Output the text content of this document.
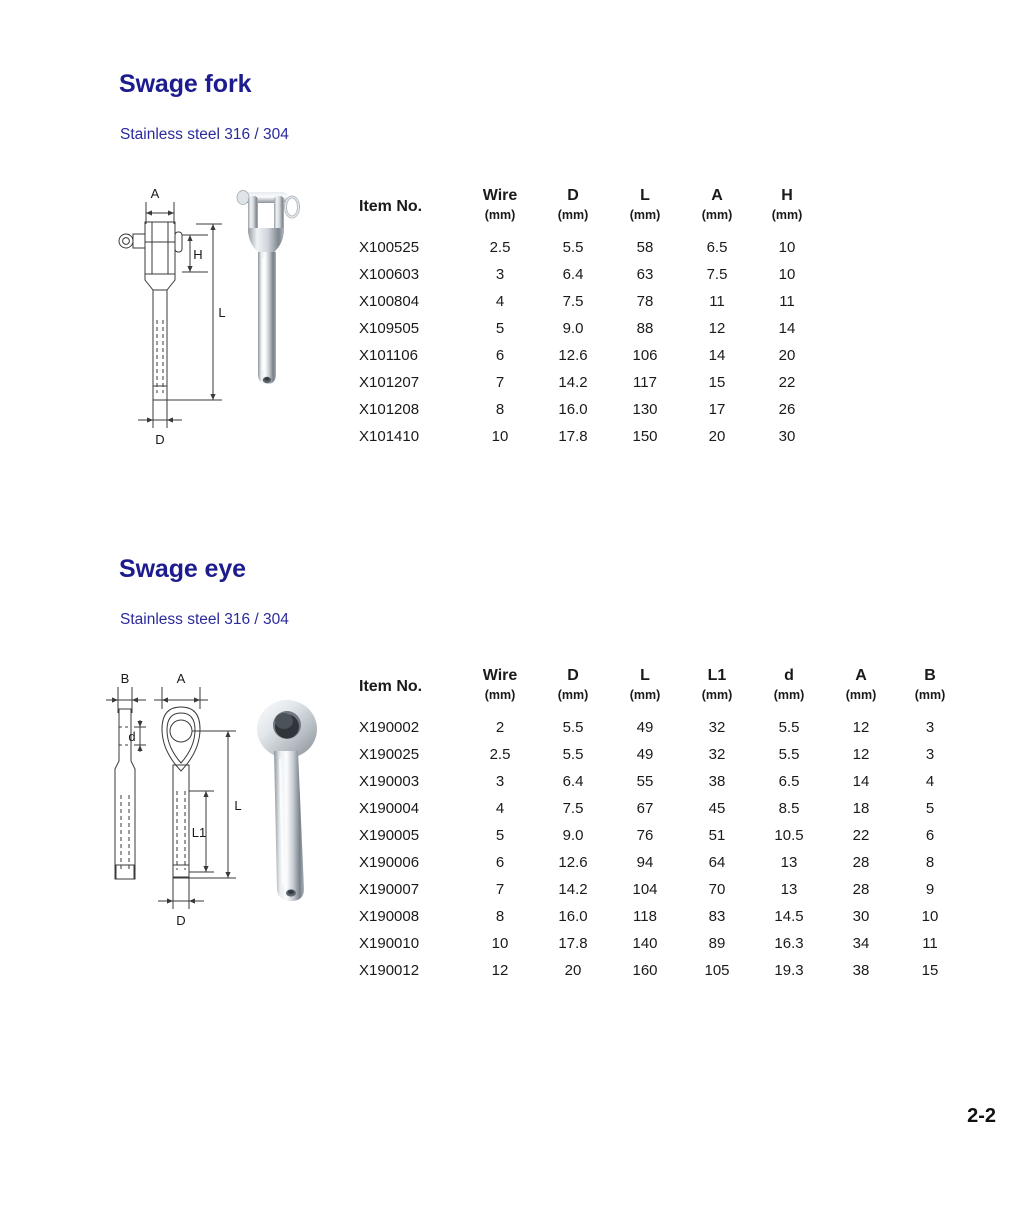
Swage fork
Stainless steel 316 / 304
A
H
L
D
Item No.	Wire	D	L	A	H
	(mm)	(mm)	(mm)	(mm)	(mm)
X100525	2.5	5.5	58	6.5	10
X100603	3	6.4	63	7.5	10
X100804	4	7.5	78	11	11
X109505	5	9.0	88	12	14
X101106	6	12.6	106	14	20
X101207	7	14.2	117	15	22
X101208	8	16.0	130	17	26
X101410	10	17.8	150	20	30
Swage eye
Stainless steel 316 / 304
B
d
A
L
L1
D
Item No.	Wire	D	L	L1	d	A	B
	(mm)	(mm)	(mm)	(mm)	(mm)	(mm)	(mm)
X190002	2	5.5	49	32	5.5	12	3
X190025	2.5	5.5	49	32	5.5	12	3
X190003	3	6.4	55	38	6.5	14	4
X190004	4	7.5	67	45	8.5	18	5
X190005	5	9.0	76	51	10.5	22	6
X190006	6	12.6	94	64	13	28	8
X190007	7	14.2	104	70	13	28	9
X190008	8	16.0	118	83	14.5	30	10
X190010	10	17.8	140	89	16.3	34	11
X190012	12	20	160	105	19.3	38	15
2-2
